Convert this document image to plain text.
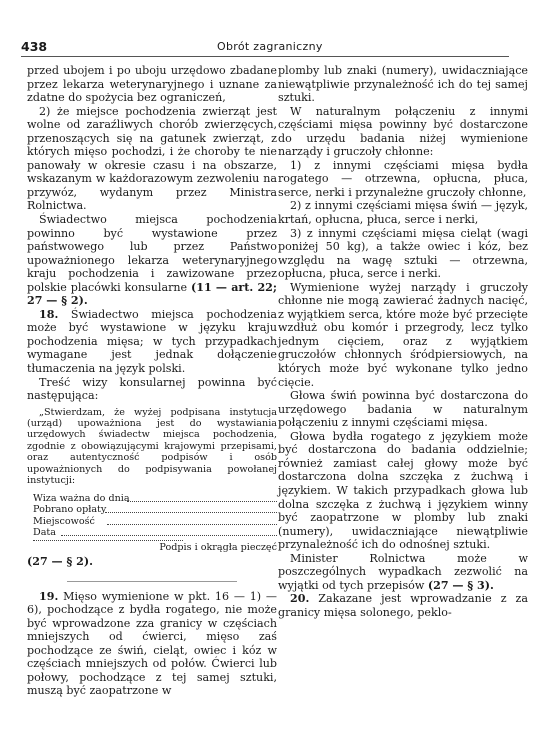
438	Obrót zagraniczny

przed ubojem i po uboju urzędowo zbadane przez lekarza weterynaryjnego i uznane za zdatne do spożycia bez ograniczeń,

2) że miejsce pochodzenia zwierząt jest wolne od zaraźliwych chorób zwierzęcych, przenoszących się na gatunek zwierząt, z których mięso pochodzi, i że choroby te nie panowały w okresie czasu i na obszarze, wskazanym w każdorazowym zezwoleniu na przywóz, wydanym przez Ministra Rolnictwa.

Świadectwo miejsca pochodzenia powinno być wystawione przez państwowego lub przez Państwo upoważnionego lekarza weterynaryjnego kraju pochodzenia i zawizowane przez polskie placówki konsularne (11 — art. 22; 27 — § 2).

18. Świadectwo miejsca pochodzenia może być wystawione w języku kraju pochodzenia mięsa; w tych przypadkach wymagane jest jednak dołączenie tłumaczenia na język polski.

Treść wizy konsularnej powinna być następująca:

„Stwierdzam, że wyżej podpisana instytucja (urząd) upoważniona jest do wystawiania urzędowych świadectw miejsca pochodzenia, zgodnie z obowiązującymi krajowymi przepisami, oraz autentyczność podpisów i osób upoważnionych do podpisywania powołanej instytucji:

Wiza ważna do dnia
Pobrano opłaty
Miejscowość
Data
Podpis i okrągła pieczęć

(27 — § 2).

19. Mięso wymienione w pkt. 16 — 1) — 6), pochodzące z bydła rogatego, nie może być wprowadzone zza granicy w częściach mniejszych od ćwierci, mięso zaś pochodzące ze świń, cieląt, owiec i kóz w częściach mniejszych od połów. Ćwierci lub połowy, pochodzące z tej samej sztuki, muszą być zaopatrzone w

plomby lub znaki (numery), uwidaczniające niewątpliwie przynależność ich do tej samej sztuki.

W naturalnym połączeniu z innymi częściami mięsa powinny być dostarczone do urzędu badania niżej wymienione narządy i gruczoły chłonne:

1) z innymi częściami mięsa bydła rogatego — otrzewna, opłucna, płuca, serce, nerki i przynależne gruczoły chłonne,

2) z innymi częściami mięsa świń — język, krtań, opłucna, płuca, serce i nerki,

3) z innymi częściami mięsa cieląt (wagi poniżej 50 kg), a także owiec i kóz, bez względu na wagę sztuki — otrzewna, opłucna, płuca, serce i nerki.

Wymienione wyżej narządy i gruczoły chłonne nie mogą zawierać żadnych nacięć, z wyjątkiem serca, które może być przecięte wzdłuż obu komór i przegrody, lecz tylko jednym cięciem, oraz z wyjątkiem gruczołów chłonnych śródpiersiowych, na których może być wykonane tylko jedno cięcie.

Głowa świń powinna być dostarczona do urzędowego badania w naturalnym połączeniu z innymi częściami mięsa.

Głowa bydła rogatego z językiem może być dostarczona do badania oddzielnie; również zamiast całej głowy może być dostarczona dolna szczęka z żuchwą i językiem. W takich przypadkach głowa lub dolna szczęka z żuchwą i językiem winny być zaopatrzone w plomby lub znaki (numery), uwidaczniające niewątpliwie przynależność ich do odnośnej sztuki.

Minister Rolnictwa może w poszczególnych wypadkach zezwolić na wyjątki od tych przepisów (27 — § 3).

20. Zakazane jest wprowadzanie z za granicy mięsa solonego, peklo-
